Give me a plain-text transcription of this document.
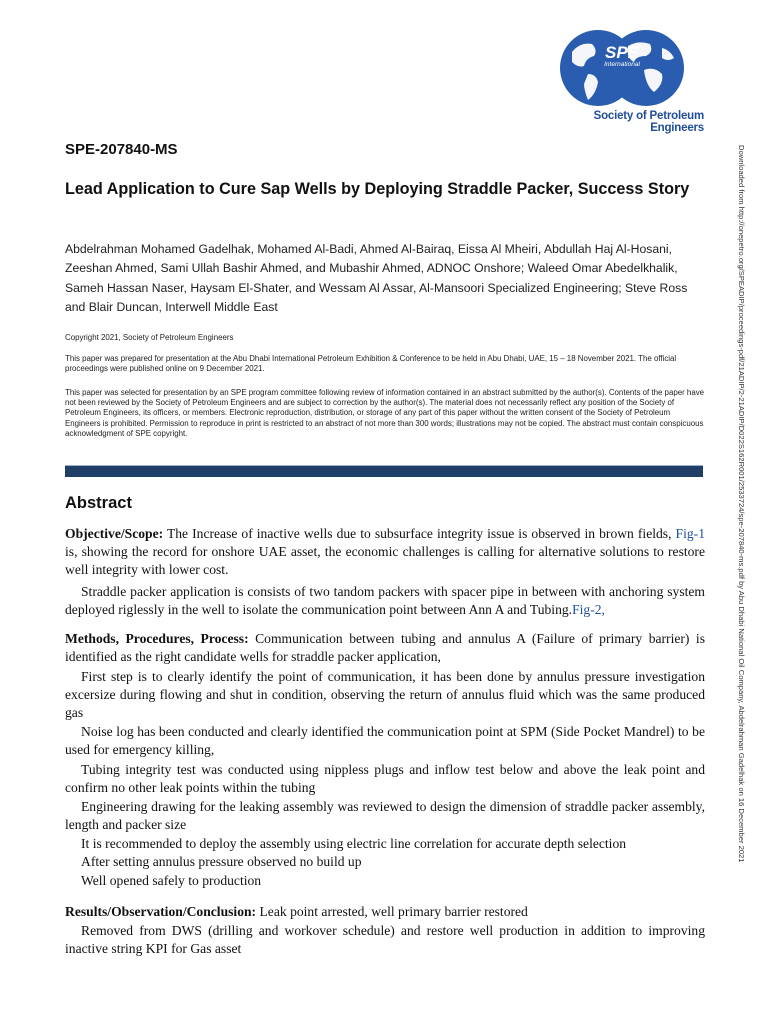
SPE
International
Society of Petroleum Engineers
Downloaded from http://onepetro.org/SPEADIP/proceedings-pdf/21ADIP/2-21ADIP/D022S162R001/2533724/spe-207840-ms.pdf by Abu Dhabi National Oil Company, Abdelrahman Gadelhak on 16 December 2021
SPE-207840-MS
Lead Application to Cure Sap Wells by Deploying Straddle Packer, Success Story

Abdelrahman Mohamed Gadelhak, Mohamed Al-Badi, Ahmed Al-Bairaq, Eissa Al Mheiri, Abdullah Haj Al-Hosani, Zeeshan Ahmed, Sami Ullah Bashir Ahmed, and Mubashir Ahmed, ADNOC Onshore; Waleed Omar Abedelkhalik, Sameh Hassan Naser, Haysam El-Shater, and Wessam Al Assar, Al-Mansoori Specialized Engineering; Steve Ross and Blair Duncan, Interwell Middle East

Copyright 2021, Society of Petroleum Engineers

This paper was prepared for presentation at the Abu Dhabi International Petroleum Exhibition & Conference to be held in Abu Dhabi, UAE, 15 – 18 November 2021. The official proceedings were published online on 9 December 2021.

This paper was selected for presentation by an SPE program committee following review of information contained in an abstract submitted by the author(s). Contents of the paper have not been reviewed by the Society of Petroleum Engineers and are subject to correction by the author(s). The material does not necessarily reflect any position of the Society of Petroleum Engineers, its officers, or members. Electronic reproduction, distribution, or storage of any part of this paper without the written consent of the Society of Petroleum Engineers is prohibited. Permission to reproduce in print is restricted to an abstract of not more than 300 words; illustrations may not be copied. The abstract must contain conspicuous acknowledgment of SPE copyright.

Abstract

Objective/Scope: The Increase of inactive wells due to subsurface integrity issue is observed in brown fields, Fig-1 is, showing the record for onshore UAE asset, the economic challenges is calling for alternative solutions to restore well integrity with lower cost.

Straddle packer application is consists of two tandom packers with spacer pipe in between with anchoring system deployed riglessly in the well to isolate the communication point between Ann A and Tubing.Fig-2,

Methods, Procedures, Process: Communication between tubing and annulus A (Failure of primary barrier) is identified as the right candidate wells for straddle packer application,

First step is to clearly identify the point of communication, it has been done by annulus pressure investigation excersize during flowing and shut in condition, observing the return of annulus fluid which was the same produced gas

Noise log has been conducted and clearly identified the communication point at SPM (Side Pocket Mandrel) to be used for emergency killing,

Tubing integrity test was conducted using nippless plugs and inflow test below and above the leak point and confirm no other leak points within the tubing

Engineering drawing for the leaking assembly was reviewed to design the dimension of straddle packer assembly, length and packer size

It is recommended to deploy the assembly using electric line correlation for accurate depth selection

After setting annulus pressure observed no build up

Well opened safely to production

Results/Observation/Conclusion: Leak point arrested, well primary barrier restored

Removed from DWS (drilling and workover schedule) and restore well production in addition to improving inactive string KPI for Gas asset
